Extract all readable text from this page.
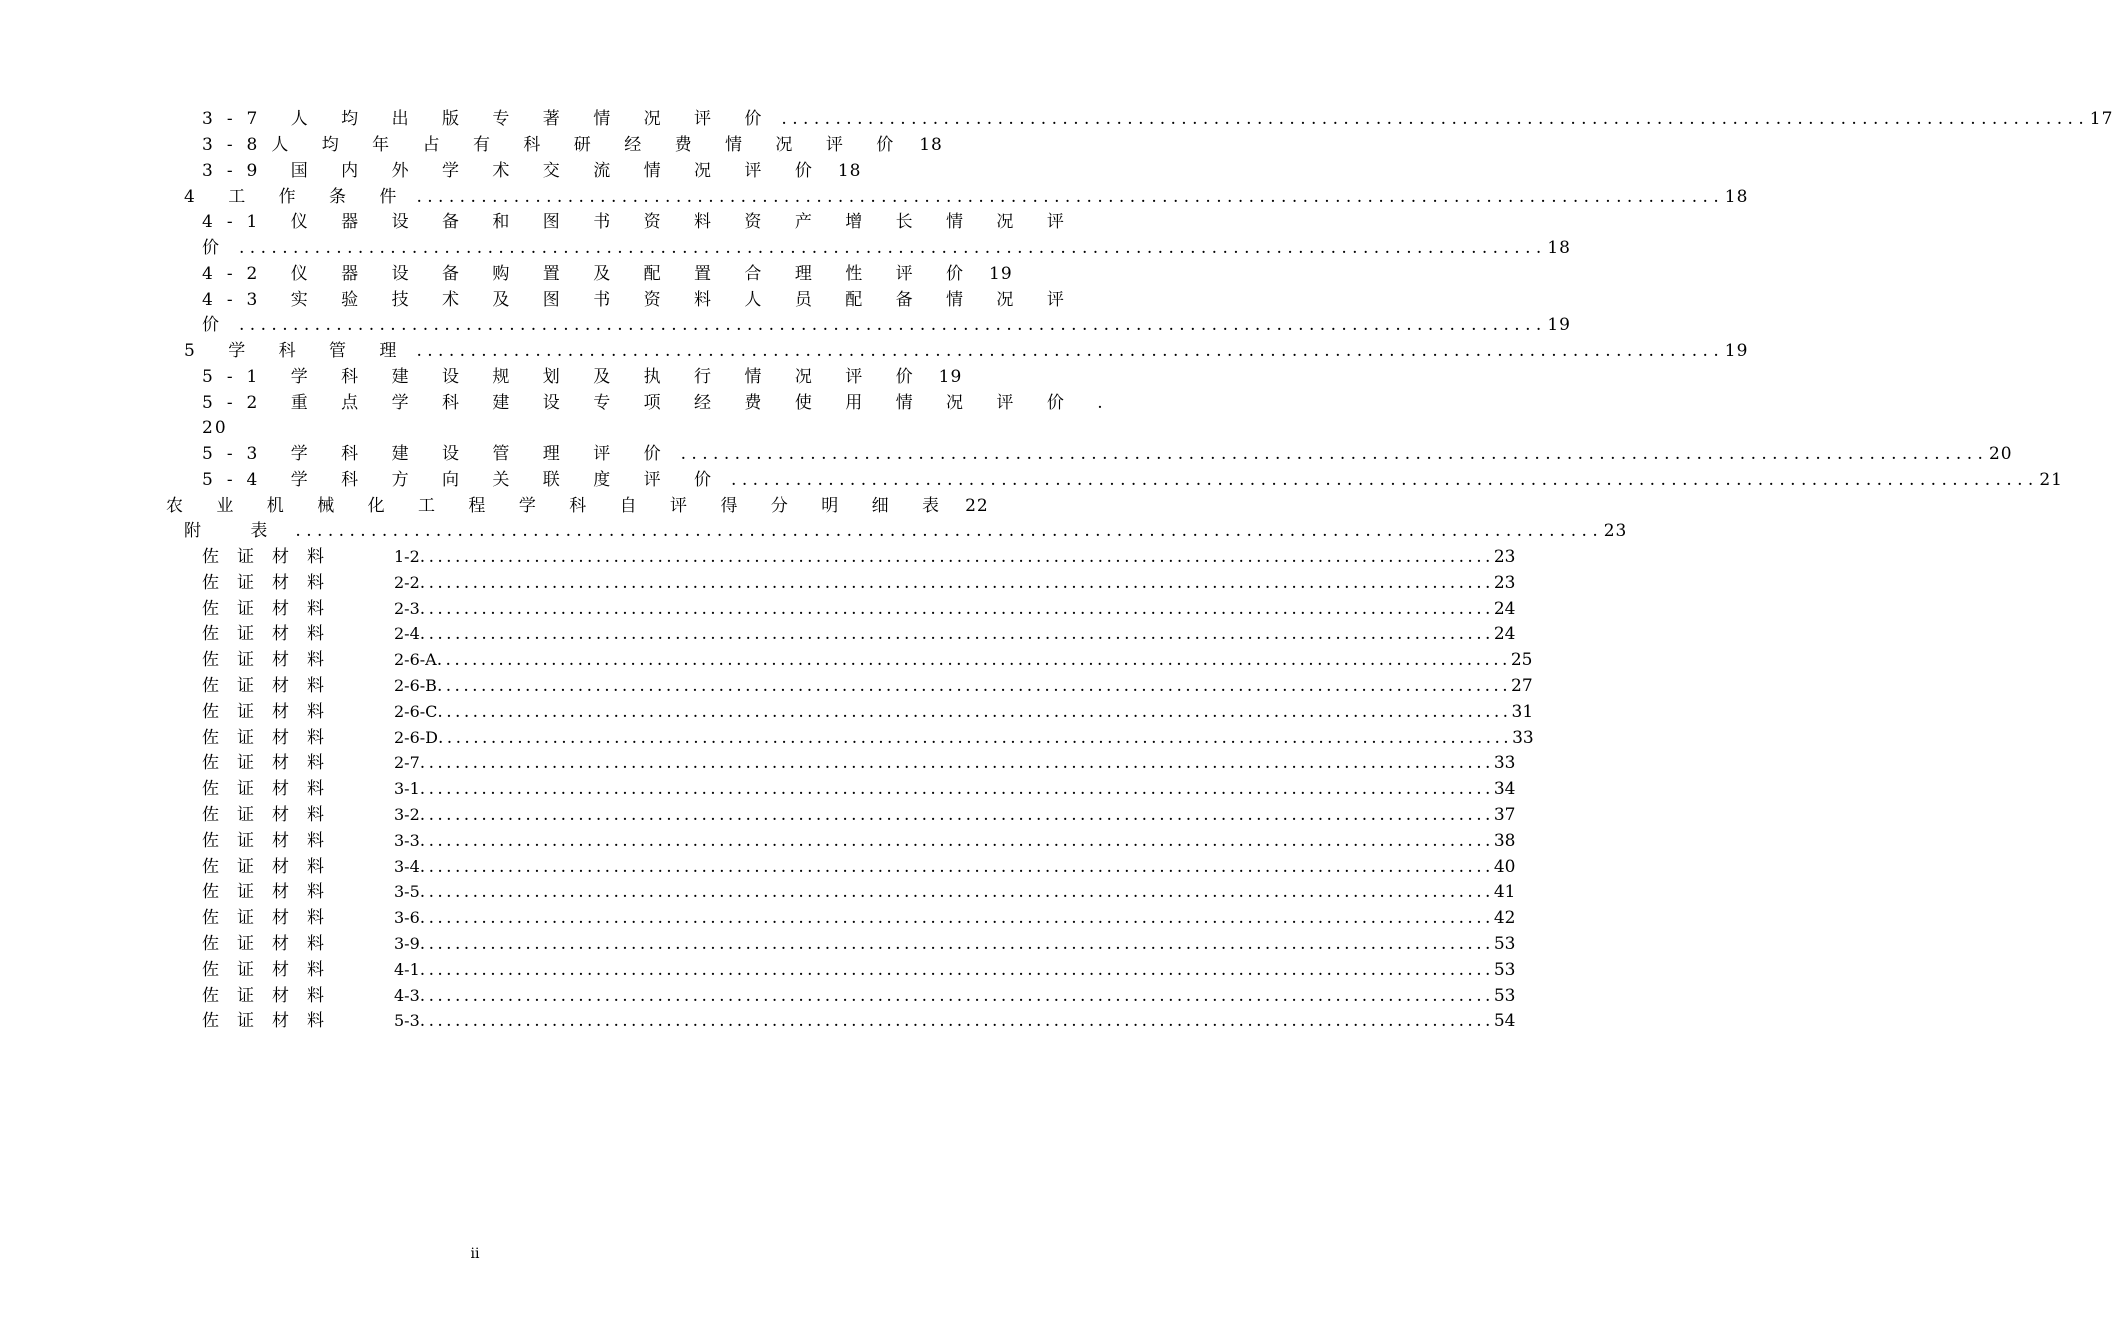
3-7 人 均 出 版 专 著 情 况 评 价 . . .	17
3-8人 均 年 占 有 科 研 经 费 情 况 评 价 18
3-9 国 内 外 学 术 交 流 情 况 评 价 18
4 工 作 条 件 . . .	18
4-1 仪 器 设 备 和 图 书 资 料 资 产 增 长 情 况 评
价 . . .	18
4-2 仪 器 设 备 购 置 及 配 置 合 理 性 评 价 19
4-3 实 验 技 术 及 图 书 资 料 人 员 配 备 情 况 评
价 . . .	19
5 学 科 管 理 . . .	19
5-1 学 科 建 设 规 划 及 执 行 情 况 评 价 19
5-2 重 点 学 科 建 设 专 项 经 费 使 用 情 况 评 价 .
20
5-3 学 科 建 设 管 理 评 价 . . .	20
5-4 学 科 方 向 关 联 度 评 价 . . .	21
农 业 机 械 化 工 程 学 科 自 评 得 分 明 细 表 22
附 表 . . .	23
佐证材料	1-2 .....	23
佐证材料	2-2 .....	23
佐证材料	2-3 .....	24
佐证材料	2-4 .....	24
佐证材料	2-6-A .....	25
佐证材料	2-6-B .....	27
佐证材料	2-6-C .....	31
佐证材料	2-6-D .....	33
佐证材料	2-7 .....	33
佐证材料	3-1 .....	34
佐证材料	3-2 .....	37
佐证材料	3-3 .....	38
佐证材料	3-4 .....	40
佐证材料	3-5 .....	41
佐证材料	3-6 .....	42
佐证材料	3-9 .....	53
佐证材料	4-1 .....	53
佐证材料	4-3 .....	53
佐证材料	5-3 .....	54
ii
